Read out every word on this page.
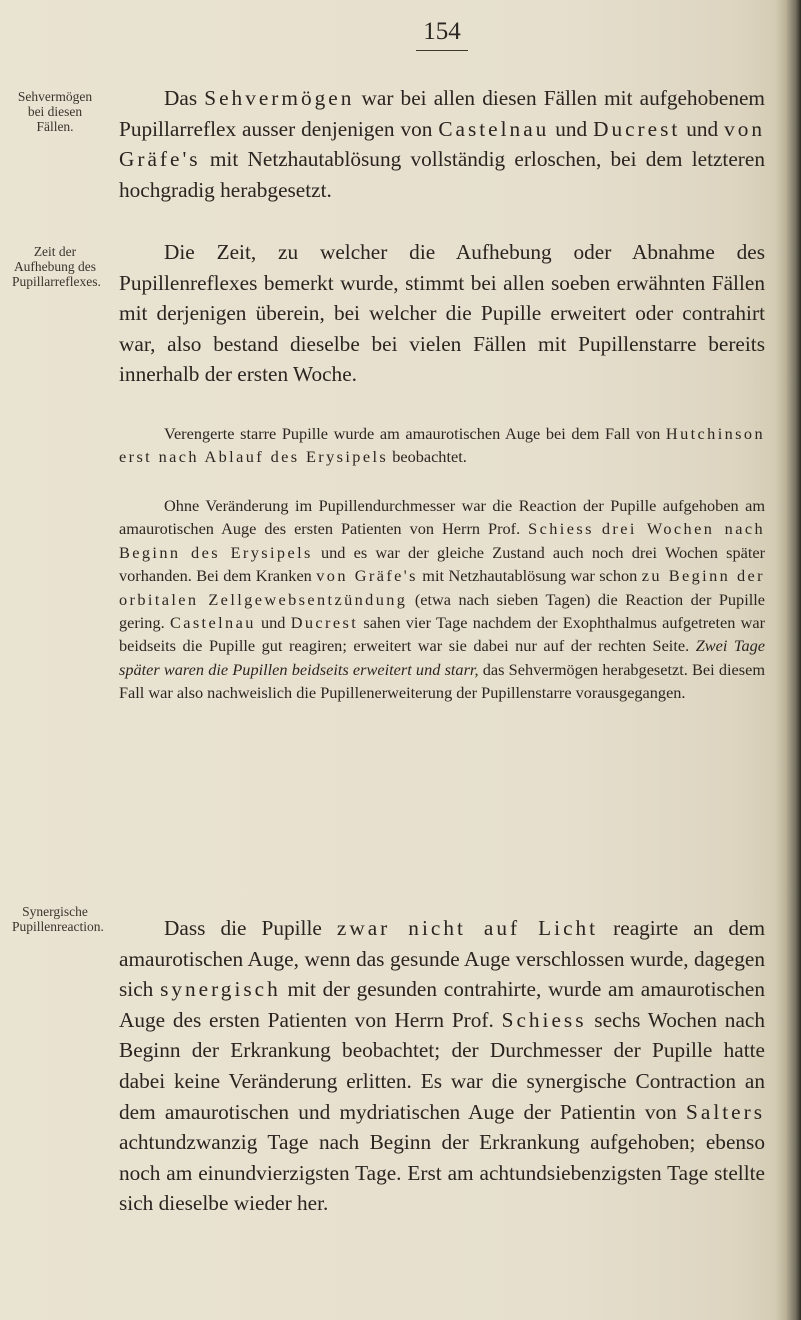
154
Sehvermögen bei diesen Fällen.
Zeit der Aufhebung des Pupillarreflexes.
Synergische Pupillenreaction.

Das Sehvermögen war bei allen diesen Fällen mit aufgehobenem Pupillarreflex ausser denjenigen von Castelnau und Ducrest und von Gräfe's mit Netzhautablösung vollständig erloschen, bei dem letzteren hochgradig herabgesetzt.

Die Zeit, zu welcher die Aufhebung oder Abnahme des Pupillenreflexes bemerkt wurde, stimmt bei allen soeben erwähnten Fällen mit derjenigen überein, bei welcher die Pupille erweitert oder contrahirt war, also bestand dieselbe bei vielen Fällen mit Pupillenstarre bereits innerhalb der ersten Woche.

Verengerte starre Pupille wurde am amaurotischen Auge bei dem Fall von Hutchinson erst nach Ablauf des Erysipels beobachtet.

Ohne Veränderung im Pupillendurchmesser war die Reaction der Pupille aufgehoben am amaurotischen Auge des ersten Patienten von Herrn Prof. Schiess drei Wochen nach Beginn des Erysipels und es war der gleiche Zustand auch noch drei Wochen später vorhanden. Bei dem Kranken von Gräfe's mit Netzhautablösung war schon zu Beginn der orbitalen Zellgewebsentzündung (etwa nach sieben Tagen) die Reaction der Pupille gering. Castelnau und Ducrest sahen vier Tage nachdem der Exophthalmus aufgetreten war beidseits die Pupille gut reagiren; erweitert war sie dabei nur auf der rechten Seite. Zwei Tage später waren die Pupillen beidseits erweitert und starr, das Sehvermögen herabgesetzt. Bei diesem Fall war also nachweislich die Pupillenerweiterung der Pupillenstarre vorausgegangen.

Dass die Pupille zwar nicht auf Licht reagirte an dem amaurotischen Auge, wenn das gesunde Auge verschlossen wurde, dagegen sich synergisch mit der gesunden contrahirte, wurde am amaurotischen Auge des ersten Patienten von Herrn Prof. Schiess sechs Wochen nach Beginn der Erkrankung beobachtet; der Durchmesser der Pupille hatte dabei keine Veränderung erlitten. Es war die synergische Contraction an dem amaurotischen und mydriatischen Auge der Patientin von Salters achtundzwanzig Tage nach Beginn der Erkrankung aufgehoben; ebenso noch am einundvierzigsten Tage. Erst am achtundsiebenzigsten Tage stellte sich dieselbe wieder her.
